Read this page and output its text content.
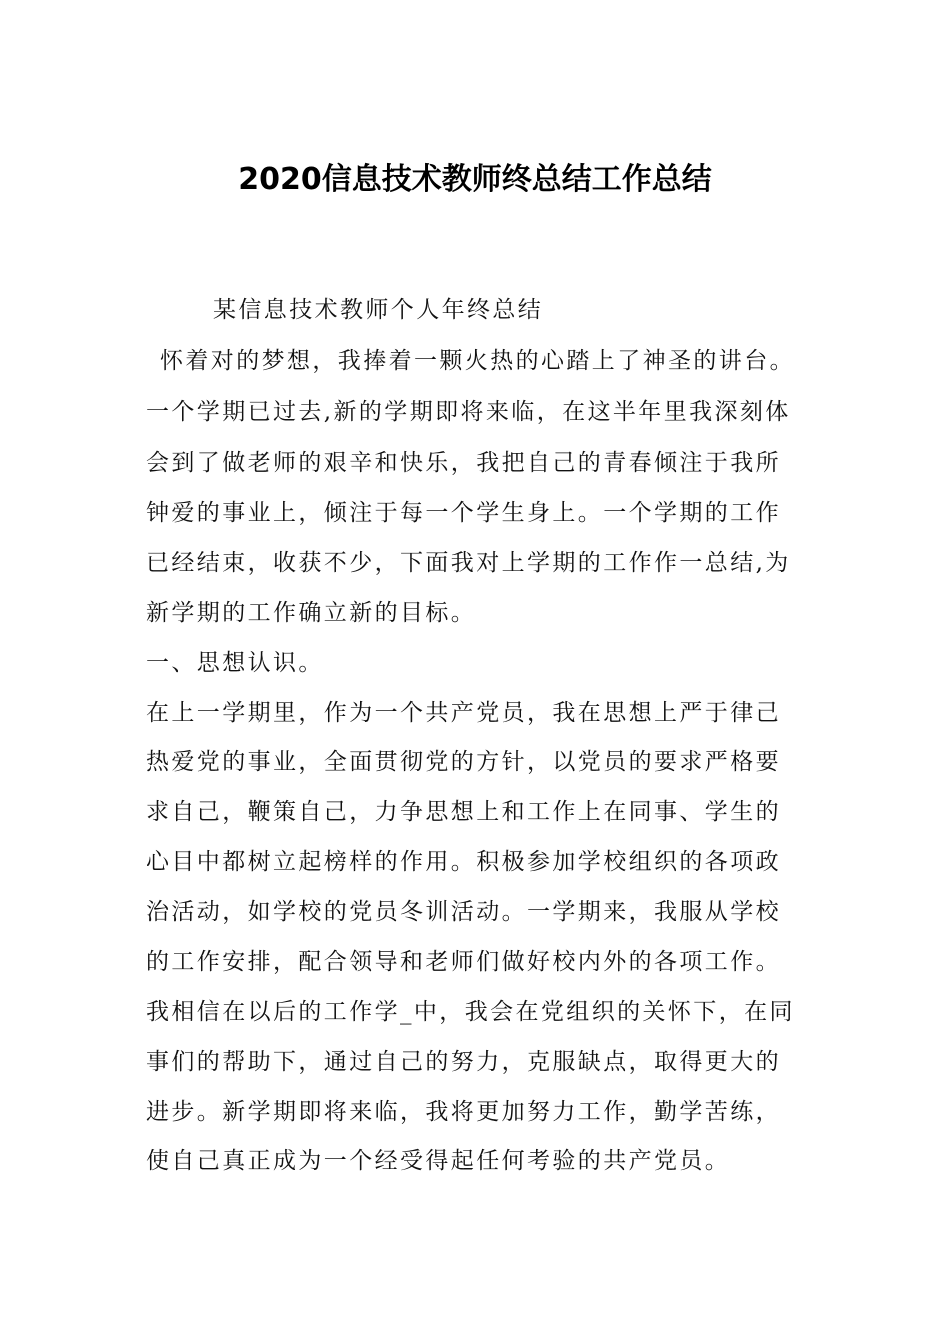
2020信息技术教师终总结工作总结
某信息技术教师个人年终总结
怀着对的梦想，我捧着一颗火热的心踏上了神圣的讲台。
一个学期已过去,新的学期即将来临，在这半年里我深刻体
会到了做老师的艰辛和快乐，我把自己的青春倾注于我所
钟爱的事业上，倾注于每一个学生身上。一个学期的工作
已经结束，收获不少，下面我对上学期的工作作一总结,为
新学期的工作确立新的目标。
一、思想认识。
在上一学期里，作为一个共产党员，我在思想上严于律己
热爱党的事业，全面贯彻党的方针，以党员的要求严格要
求自己，鞭策自己，力争思想上和工作上在同事、学生的
心目中都树立起榜样的作用。积极参加学校组织的各项政
治活动，如学校的党员冬训活动。一学期来，我服从学校
的工作安排，配合领导和老师们做好校内外的各项工作。
我相信在以后的工作学_中，我会在党组织的关怀下，在同
事们的帮助下，通过自己的努力，克服缺点，取得更大的
进步。新学期即将来临，我将更加努力工作，勤学苦练，
使自己真正成为一个经受得起任何考验的共产党员。
